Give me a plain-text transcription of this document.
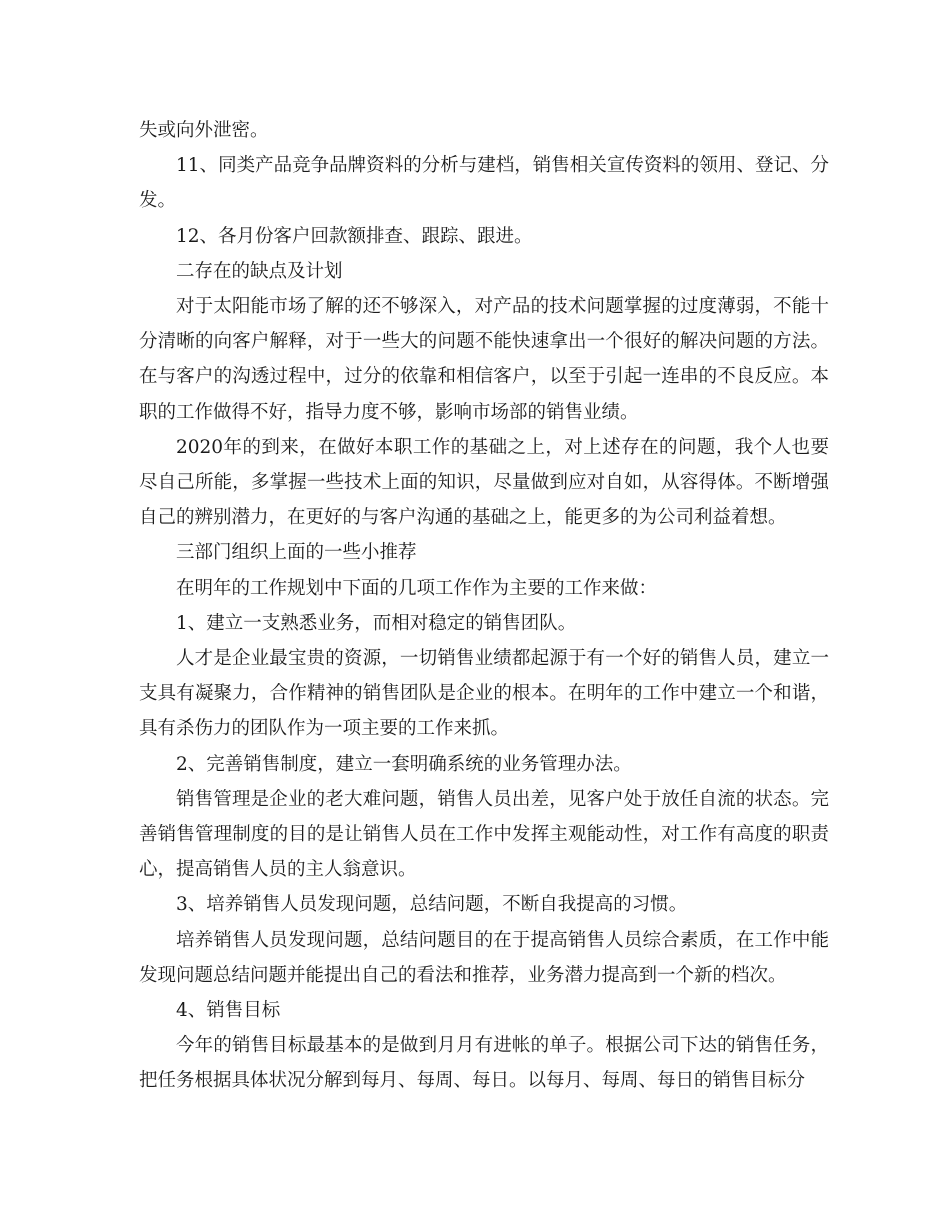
失或向外泄密。

11、同类产品竞争品牌资料的分析与建档，销售相关宣传资料的领用、登记、分发。

12、各月份客户回款额排查、跟踪、跟进。

二存在的缺点及计划

对于太阳能市场了解的还不够深入，对产品的技术问题掌握的过度薄弱，不能十分清晰的向客户解释，对于一些大的问题不能快速拿出一个很好的解决问题的方法。在与客户的沟透过程中，过分的依靠和相信客户，以至于引起一连串的不良反应。本职的工作做得不好，指导力度不够，影响市场部的销售业绩。

2020年的到来，在做好本职工作的基础之上，对上述存在的问题，我个人也要尽自己所能，多掌握一些技术上面的知识，尽量做到应对自如，从容得体。不断增强自己的辨别潜力，在更好的与客户沟通的基础之上，能更多的为公司利益着想。

三部门组织上面的一些小推荐

在明年的工作规划中下面的几项工作作为主要的工作来做：

1、建立一支熟悉业务，而相对稳定的销售团队。

人才是企业最宝贵的资源，一切销售业绩都起源于有一个好的销售人员，建立一支具有凝聚力，合作精神的销售团队是企业的根本。在明年的工作中建立一个和谐，具有杀伤力的团队作为一项主要的工作来抓。

2、完善销售制度，建立一套明确系统的业务管理办法。

销售管理是企业的老大难问题，销售人员出差，见客户处于放任自流的状态。完善销售管理制度的目的是让销售人员在工作中发挥主观能动性，对工作有高度的职责心，提高销售人员的主人翁意识。

3、培养销售人员发现问题，总结问题，不断自我提高的习惯。

培养销售人员发现问题，总结问题目的在于提高销售人员综合素质，在工作中能发现问题总结问题并能提出自己的看法和推荐，业务潜力提高到一个新的档次。

4、销售目标

今年的销售目标最基本的是做到月月有进帐的单子。根据公司下达的销售任务，把任务根据具体状况分解到每月、每周、每日。以每月、每周、每日的销售目标分
